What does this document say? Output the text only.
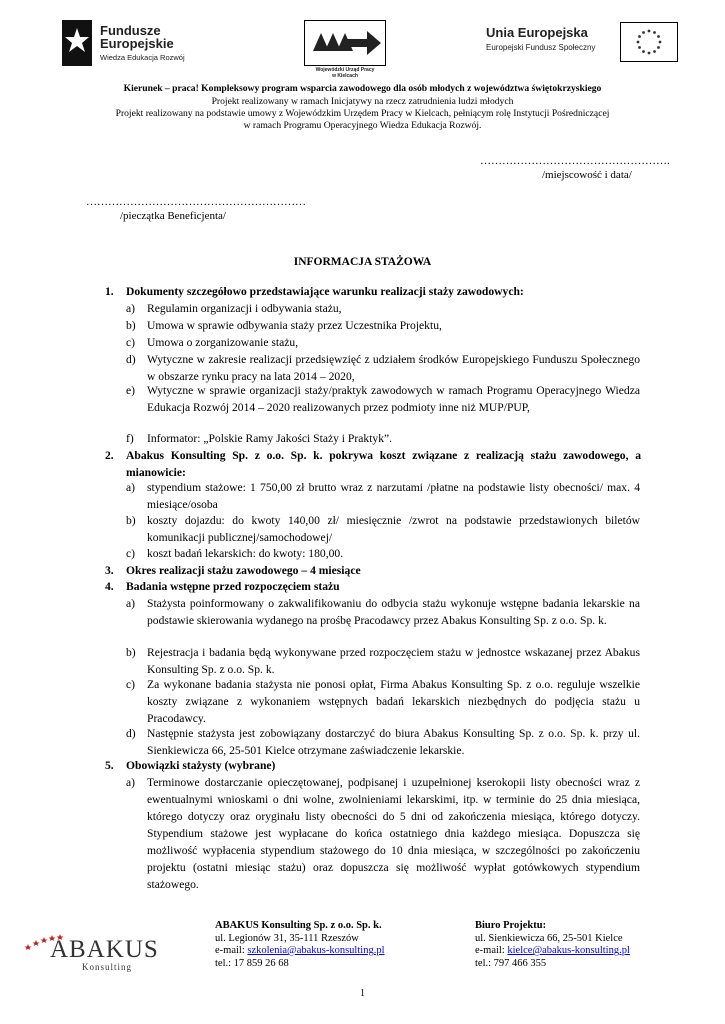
Fundusze
Europejskie
Wiedza Edukacja Rozwój
Wojewódzki Urząd Pracy
w Kielcach
Unia Europejska
Europejski Fundusz Społeczny
Kierunek – praca! Kompleksowy program wsparcia zawodowego dla osób młodych z województwa świętokrzyskiego
Projekt realizowany w ramach Inicjatywy na rzecz zatrudnienia ludzi młodych
Projekt realizowany na podstawie umowy z Wojewódzkim Urzędem Pracy w Kielcach, pełniącym rolę Instytucji Pośredniczącej
w ramach Programu Operacyjnego Wiedza Edukacja Rozwój.
…………………………………………….
/miejscowość i data/
……………………………………………………
/pieczątka Beneficjenta/
INFORMACJA STAŻOWA
1. Dokumenty szczegółowo przedstawiające warunku realizacji staży zawodowych:
a) Regulamin organizacji i odbywania stażu,
b) Umowa w sprawie odbywania staży przez Uczestnika Projektu,
c) Umowa o zorganizowanie stażu,
d) Wytyczne w zakresie realizacji przedsięwzięć z udziałem środków Europejskiego Funduszu Społecznego w obszarze rynku pracy na lata 2014 – 2020,
e) Wytyczne w sprawie organizacji staży/praktyk zawodowych w ramach Programu Operacyjnego Wiedza Edukacja Rozwój 2014 – 2020 realizowanych przez podmioty inne niż MUP/PUP,
f) Informator: „Polskie Ramy Jakości Staży i Praktyk”.
2. Abakus Konsulting Sp. z o.o. Sp. k. pokrywa koszt związane z realizacją stażu zawodowego, a mianowicie:
a) stypendium stażowe: 1 750,00 zł brutto wraz z narzutami /płatne na podstawie listy obecności/ max. 4 miesiące/osoba
b) koszty dojazdu: do kwoty 140,00 zł/ miesięcznie /zwrot na podstawie przedstawionych biletów komunikacji publicznej/samochodowej/
c) koszt badań lekarskich: do kwoty: 180,00.
3. Okres realizacji stażu zawodowego – 4 miesiące
4. Badania wstępne przed rozpoczęciem stażu
a) Stażysta poinformowany o zakwalifikowaniu do odbycia stażu wykonuje wstępne badania lekarskie na podstawie skierowania wydanego na prośbę Pracodawcy przez Abakus Konsulting Sp. z o.o. Sp. k.
b) Rejestracja i badania będą wykonywane przed rozpoczęciem stażu w jednostce wskazanej przez Abakus Konsulting Sp. z o.o. Sp. k.
c) Za wykonane badania stażysta nie ponosi opłat, Firma Abakus Konsulting Sp. z o.o. reguluje wszelkie koszty związane z wykonaniem wstępnych badań lekarskich niezbędnych do podjęcia stażu u Pracodawcy.
d) Następnie stażysta jest zobowiązany dostarczyć do biura Abakus Konsulting Sp. z o.o. Sp. k. przy ul. Sienkiewicza 66, 25-501 Kielce otrzymane zaświadczenie lekarskie.
5. Obowiązki stażysty (wybrane)
a) Terminowe dostarczanie opieczętowanej, podpisanej i uzupełnionej kserokopii listy obecności wraz z ewentualnymi wnioskami o dni wolne, zwolnieniami lekarskimi, itp. w terminie do 25 dnia miesiąca, którego dotyczy oraz oryginału listy obecności do 5 dni od zakończenia miesiąca, którego dotyczy. Stypendium stażowe jest wypłacane do końca ostatniego dnia każdego miesiąca. Dopuszcza się możliwość wypłacenia stypendium stażowego do 10 dnia miesiąca, w szczególności po zakończeniu projektu (ostatni miesiąc stażu) oraz dopuszcza się możliwość wypłat gotówkowych stypendium stażowego.
ABAKUS
Konsulting
ABAKUS Konsulting Sp. z o.o. Sp. k.
ul. Legionów 31, 35-111 Rzeszów
e-mail: szkolenia@abakus-konsulting.pl
tel.: 17 859 26 68
Biuro Projektu:
ul. Sienkiewicza 66, 25-501 Kielce
e-mail: kielce@abakus-konsulting.pl
tel.: 797 466 355
1
